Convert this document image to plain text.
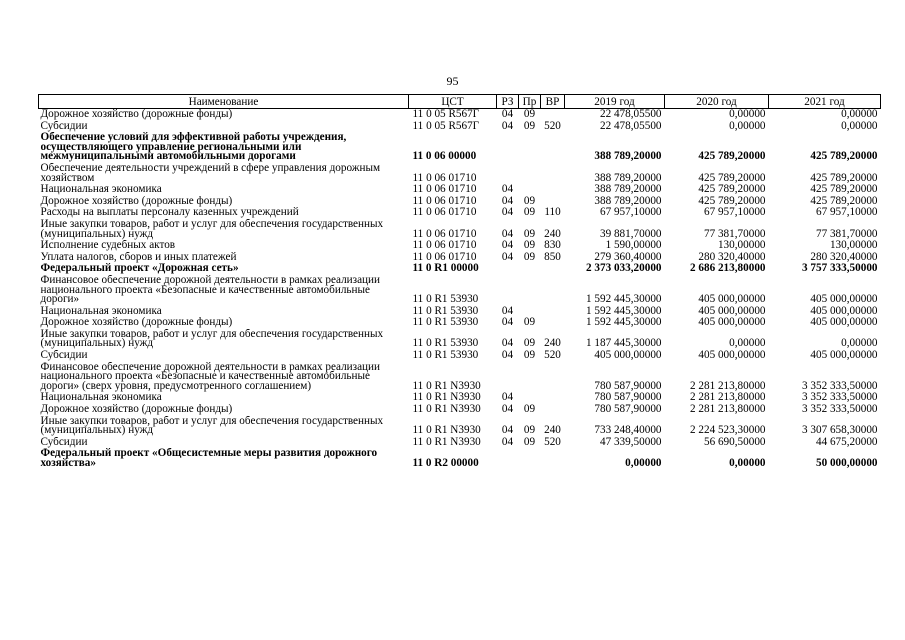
95
Наименование	ЦСТ	РЗ	Пр	ВР	2019 год	2020 год	2021 год
Дорожное хозяйство (дорожные фонды)	11 0 05 R567Г	04	09		22 478,05500	0,00000	0,00000
Субсидии	11 0 05 R567Г	04	09	520	22 478,05500	0,00000	0,00000
Обеспечение условий для эффективной работы учреждения, осуществляющего управление региональными или межмуниципальными автомобильными дорогами	11 0 06 00000				388 789,20000	425 789,20000	425 789,20000
Обеспечение деятельности учреждений в сфере управления дорожным хозяйством	11 0 06 01710				388 789,20000	425 789,20000	425 789,20000
Национальная экономика	11 0 06 01710	04			388 789,20000	425 789,20000	425 789,20000
Дорожное хозяйство (дорожные фонды)	11 0 06 01710	04	09		388 789,20000	425 789,20000	425 789,20000
Расходы на выплаты персоналу казенных учреждений	11 0 06 01710	04	09	110	67 957,10000	67 957,10000	67 957,10000
Иные закупки товаров, работ и услуг для обеспечения государственных (муниципальных) нужд	11 0 06 01710	04	09	240	39 881,70000	77 381,70000	77 381,70000
Исполнение судебных актов	11 0 06 01710	04	09	830	1 590,00000	130,00000	130,00000
Уплата налогов, сборов и иных платежей	11 0 06 01710	04	09	850	279 360,40000	280 320,40000	280 320,40000
Федеральный проект «Дорожная сеть»	11 0 R1 00000				2 373 033,20000	2 686 213,80000	3 757 333,50000
Финансовое обеспечение дорожной деятельности в рамках реализации национального проекта «Безопасные и качественные автомобильные дороги»	11 0 R1 53930				1 592 445,30000	405 000,00000	405 000,00000
Национальная экономика	11 0 R1 53930	04			1 592 445,30000	405 000,00000	405 000,00000
Дорожное хозяйство (дорожные фонды)	11 0 R1 53930	04	09		1 592 445,30000	405 000,00000	405 000,00000
Иные закупки товаров, работ и услуг для обеспечения государственных (муниципальных) нужд	11 0 R1 53930	04	09	240	1 187 445,30000	0,00000	0,00000
Субсидии	11 0 R1 53930	04	09	520	405 000,00000	405 000,00000	405 000,00000
Финансовое обеспечение дорожной деятельности в рамках реализации национального проекта «Безопасные и качественные автомобильные дороги» (сверх уровня, предусмотренного соглашением)	11 0 R1 N3930				780 587,90000	2 281 213,80000	3 352 333,50000
Национальная экономика	11 0 R1 N3930	04			780 587,90000	2 281 213,80000	3 352 333,50000
Дорожное хозяйство (дорожные фонды)	11 0 R1 N3930	04	09		780 587,90000	2 281 213,80000	3 352 333,50000
Иные закупки товаров, работ и услуг для обеспечения государственных (муниципальных) нужд	11 0 R1 N3930	04	09	240	733 248,40000	2 224 523,30000	3 307 658,30000
Субсидии	11 0 R1 N3930	04	09	520	47 339,50000	56 690,50000	44 675,20000
Федеральный проект «Общесистемные меры развития дорожного хозяйства»	11 0 R2 00000				0,00000	0,00000	50 000,00000
